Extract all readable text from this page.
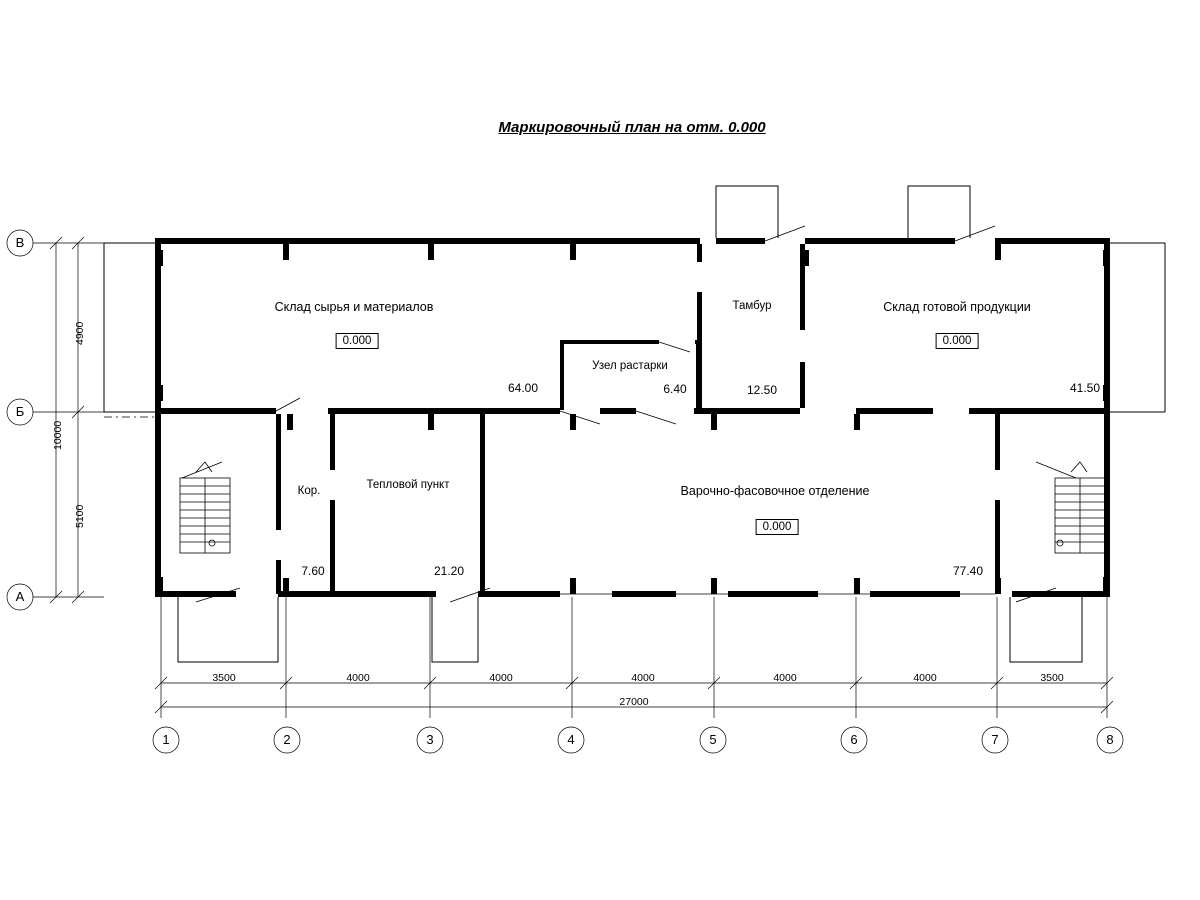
Маркировочный план на отм. 0.000
Склад сырья и материалов
0.000
64.00
Узел растарки
6.40
Тамбур
12.50
Склад готовой продукции
0.000
41.50
Кор.
7.60
Тепловой пункт
21.20
Варочно-фасовочное отделение
0.000
77.40
В
Б
А
1	2	3	4	5	6	7	8
3500	4000	4000	4000	4000	4000	3500
27000
4900
5100
10000
